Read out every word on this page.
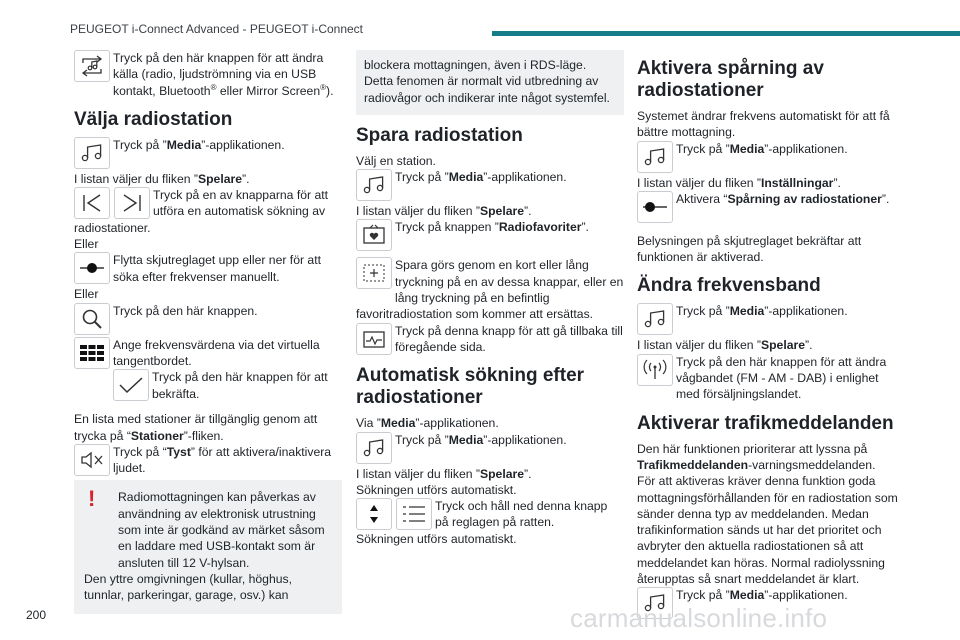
PEUGEOT i-Connect Advanced - PEUGEOT i-Connect
Tryck på den här knappen för att ändra källa (radio, ljudströmning via en USB kontakt, Bluetooth® eller Mirror Screen®).
Välja radiostation
Tryck på ”Media”-applikationen.
I listan väljer du fliken ”Spelare”.
Tryck på en av knapparna för att utföra en automatisk sökning av radiostationer.
Eller
Flytta skjutreglaget upp eller ner för att söka efter frekvenser manuellt.
Eller
Tryck på den här knappen.
Ange frekvensvärdena via det virtuella tangentbordet.
Tryck på den här knappen för att bekräfta.
En lista med stationer är tillgänglig genom att trycka på “Stationer”-fliken.
Tryck på “Tyst” för att aktivera/inaktivera ljudet.
!	Radiomottagningen kan påverkas av användning av elektronisk utrustning som inte är godkänd av märket såsom en laddare med USB-kontakt som är ansluten till 12 V-hylsan.
Den yttre omgivningen (kullar, höghus, tunnlar, parkeringar, garage, osv.) kan
blockera mottagningen, även i RDS-läge. Detta fenomen är normalt vid utbredning av radiovågor och indikerar inte något systemfel.
Spara radiostation
Välj en station.
Tryck på ”Media”-applikationen.
I listan väljer du fliken ”Spelare”.
Tryck på knappen ”Radiofavoriter”.
Spara görs genom en kort eller lång tryckning på en av dessa knappar, eller en lång tryckning på en befintlig favoritradiostation som kommer att ersättas.
Tryck på denna knapp för att gå tillbaka till föregående sida.
Automatisk sökning efter
radiostationer
Via ”Media”-applikationen.
Tryck på ”Media”-applikationen.
I listan väljer du fliken ”Spelare”.
Sökningen utförs automatiskt.
Tryck och håll ned denna knapp på reglagen på ratten.
Sökningen utförs automatiskt.
Aktivera spårning av
radiostationer
Systemet ändrar frekvens automatiskt för att få bättre mottagning.
Tryck på ”Media”-applikationen.
I listan väljer du fliken ”Inställningar”.
Aktivera “Spårning av radiostationer”.
Belysningen på skjutreglaget bekräftar att funktionen är aktiverad.
Ändra frekvensband
Tryck på ”Media”-applikationen.
I listan väljer du fliken ”Spelare”.
Tryck på den här knappen för att ändra vågbandet (FM - AM - DAB) i enlighet med försäljningslandet.
Aktiverar trafikmeddelanden
Den här funktionen prioriterar att lyssna på Trafikmeddelanden-varningsmeddelanden.
För att aktiveras kräver denna funktion goda mottagningsförhållanden för en radiostation som sänder denna typ av meddelanden. Medan trafikinformation sänds ut har det prioritet och avbryter den aktuella radiostationen så att meddelandet kan höras. Normal radiolyssning återupptas så snart meddelandet är klart.
Tryck på ”Media”-applikationen.
200	carmanualsonline.info
